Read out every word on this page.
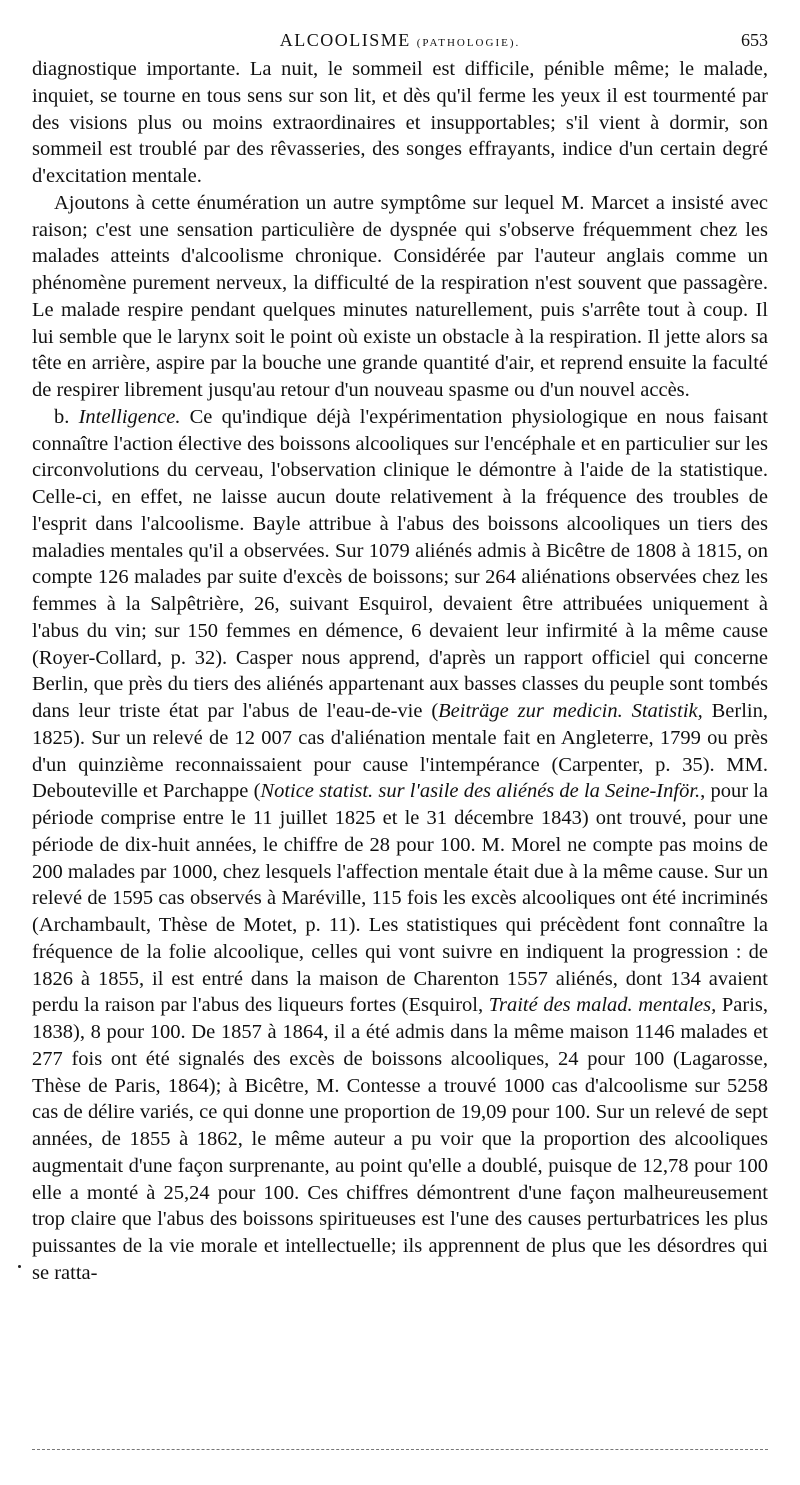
ALCOOLISME (PATHOLOGIE).	653

diagnostique importante. La nuit, le sommeil est difficile, pénible même; le malade, inquiet, se tourne en tous sens sur son lit, et dès qu'il ferme les yeux il est tourmenté par des visions plus ou moins extraordinaires et insupportables; s'il vient à dormir, son sommeil est troublé par des rêvasseries, des songes effrayants, indice d'un certain degré d'excitation mentale.

Ajoutons à cette énumération un autre symptôme sur lequel M. Marcet a insisté avec raison; c'est une sensation particulière de dyspnée qui s'observe fréquemment chez les malades atteints d'alcoolisme chronique. Considérée par l'auteur anglais comme un phénomène purement nerveux, la difficulté de la respiration n'est souvent que passagère. Le malade respire pendant quelques minutes naturellement, puis s'arrête tout à coup. Il lui semble que le larynx soit le point où existe un obstacle à la respiration. Il jette alors sa tête en arrière, aspire par la bouche une grande quantité d'air, et reprend ensuite la faculté de respirer librement jusqu'au retour d'un nouveau spasme ou d'un nouvel accès.

b. Intelligence. Ce qu'indique déjà l'expérimentation physiologique en nous faisant connaître l'action élective des boissons alcooliques sur l'encéphale et en particulier sur les circonvolutions du cerveau, l'observation clinique le démontre à l'aide de la statistique. Celle-ci, en effet, ne laisse aucun doute relativement à la fréquence des troubles de l'esprit dans l'alcoolisme. Bayle attribue à l'abus des boissons alcooliques un tiers des maladies mentales qu'il a observées. Sur 1079 aliénés admis à Bicêtre de 1808 à 1815, on compte 126 malades par suite d'excès de boissons; sur 264 aliénations observées chez les femmes à la Salpêtrière, 26, suivant Esquirol, devaient être attribuées uniquement à l'abus du vin; sur 150 femmes en démence, 6 devaient leur infirmité à la même cause (Royer-Collard, p. 32). Casper nous apprend, d'après un rapport officiel qui concerne Berlin, que près du tiers des aliénés appartenant aux basses classes du peuple sont tombés dans leur triste état par l'abus de l'eau-de-vie (Beiträge zur medicin. Statistik, Berlin, 1825). Sur un relevé de 12 007 cas d'aliénation mentale fait en Angleterre, 1799 ou près d'un quinzième reconnaissaient pour cause l'intempérance (Carpenter, p. 35). MM. Debouteville et Parchappe (Notice statist. sur l'asile des aliénés de la Seine-Inför., pour la période comprise entre le 11 juillet 1825 et le 31 décembre 1843) ont trouvé, pour une période de dix-huit années, le chiffre de 28 pour 100. M. Morel ne compte pas moins de 200 malades par 1000, chez lesquels l'affection mentale était due à la même cause. Sur un relevé de 1595 cas observés à Maréville, 115 fois les excès alcooliques ont été incriminés (Archambault, Thèse de Motet, p. 11). Les statistiques qui précèdent font connaître la fréquence de la folie alcoolique, celles qui vont suivre en indiquent la progression : de 1826 à 1855, il est entré dans la maison de Charenton 1557 aliénés, dont 134 avaient perdu la raison par l'abus des liqueurs fortes (Esquirol, Traité des malad. mentales, Paris, 1838), 8 pour 100. De 1857 à 1864, il a été admis dans la même maison 1146 malades et 277 fois ont été signalés des excès de boissons alcooliques, 24 pour 100 (Lagarosse, Thèse de Paris, 1864); à Bicêtre, M. Contesse a trouvé 1000 cas d'alcoolisme sur 5258 cas de délire variés, ce qui donne une proportion de 19,09 pour 100. Sur un relevé de sept années, de 1855 à 1862, le même auteur a pu voir que la proportion des alcooliques augmentait d'une façon surprenante, au point qu'elle a doublé, puisque de 12,78 pour 100 elle a monté à 25,24 pour 100. Ces chiffres démontrent d'une façon malheureusement trop claire que l'abus des boissons spiritueuses est l'une des causes perturbatrices les plus puissantes de la vie morale et intellectuelle; ils apprennent de plus que les désordres qui se ratta-
